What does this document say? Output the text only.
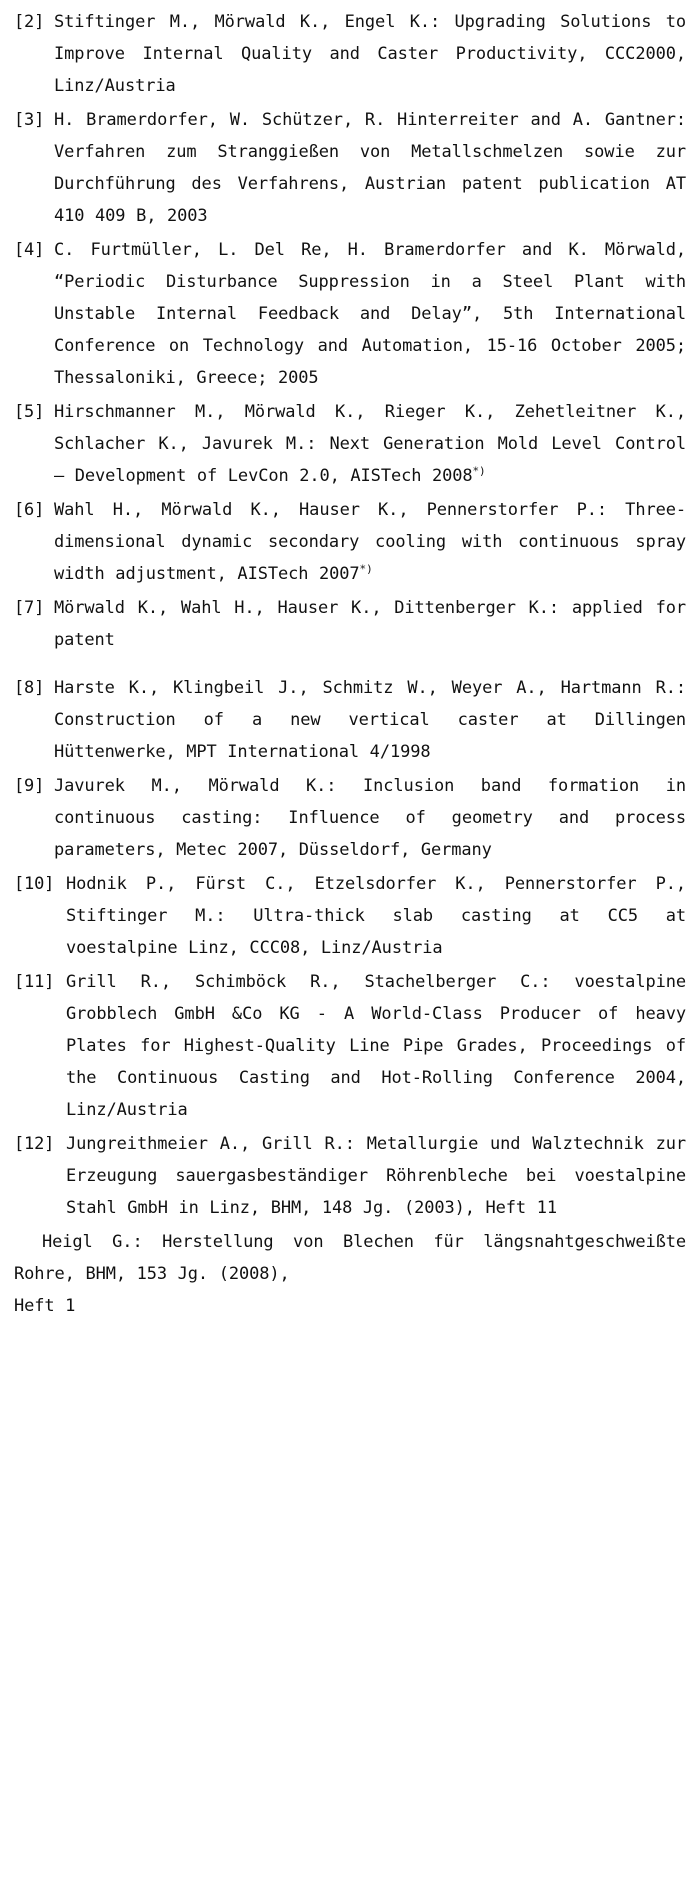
[2] Stiftinger M., Mörwald K., Engel K.: Upgrading Solutions to Improve Internal Quality and Caster Productivity, CCC2000, Linz/Austria
[3] H. Bramerdorfer, W. Schützer, R. Hinterreiter and A. Gantner: Verfahren zum Stranggießen von Metallschmelzen sowie zur Durchführung des Verfahrens, Austrian patent publication AT 410 409 B, 2003
[4] C. Furtmüller, L. Del Re, H. Bramerdorfer and K. Mörwald, “Periodic Disturbance Suppression in a Steel Plant with Unstable Internal Feedback and Delay”, 5th International Conference on Technology and Automation, 15-16 October 2005; Thessaloniki, Greece; 2005
[5] Hirschmanner M., Mörwald K., Rieger K., Zehetleitner K., Schlacher K., Javurek M.: Next Generation Mold Level Control – Development of LevCon 2.0, AISTech 2008*)
[6] Wahl H., Mörwald K., Hauser K., Pennerstorfer P.: Three-dimensional dynamic secondary cooling with continuous spray width adjustment, AISTech 2007*)
[7] Mörwald K., Wahl H., Hauser K., Dittenberger K.: applied for patent
[8] Harste K., Klingbeil J., Schmitz W., Weyer A., Hartmann R.: Construction of a new vertical caster at Dillingen Hüttenwerke, MPT International 4/1998
[9] Javurek M., Mörwald K.: Inclusion band formation in continuous casting: Influence of geometry and process parameters, Metec 2007, Düsseldorf, Germany
[10] Hodnik P., Fürst C., Etzelsdorfer K., Pennerstorfer P., Stiftinger M.: Ultra-thick slab casting at CC5 at voestalpine Linz, CCC08, Linz/Austria
[11] Grill R., Schimböck R., Stachelberger C.: voestalpine Grobblech GmbH &Co KG - A World-Class Producer of heavy Plates for Highest-Quality Line Pipe Grades, Proceedings of the Continuous Casting and Hot-Rolling Conference 2004, Linz/Austria
[12] Jungreithmeier A., Grill R.: Metallurgie und Walztechnik zur Erzeugung sauergasbeständiger Röhrenbleche bei voestalpine Stahl GmbH in Linz, BHM, 148 Jg. (2003), Heft 11
Heigl G.: Herstellung von Blechen für längsnahtgeschweißte Rohre, BHM, 153 Jg. (2008),
Heft 1
